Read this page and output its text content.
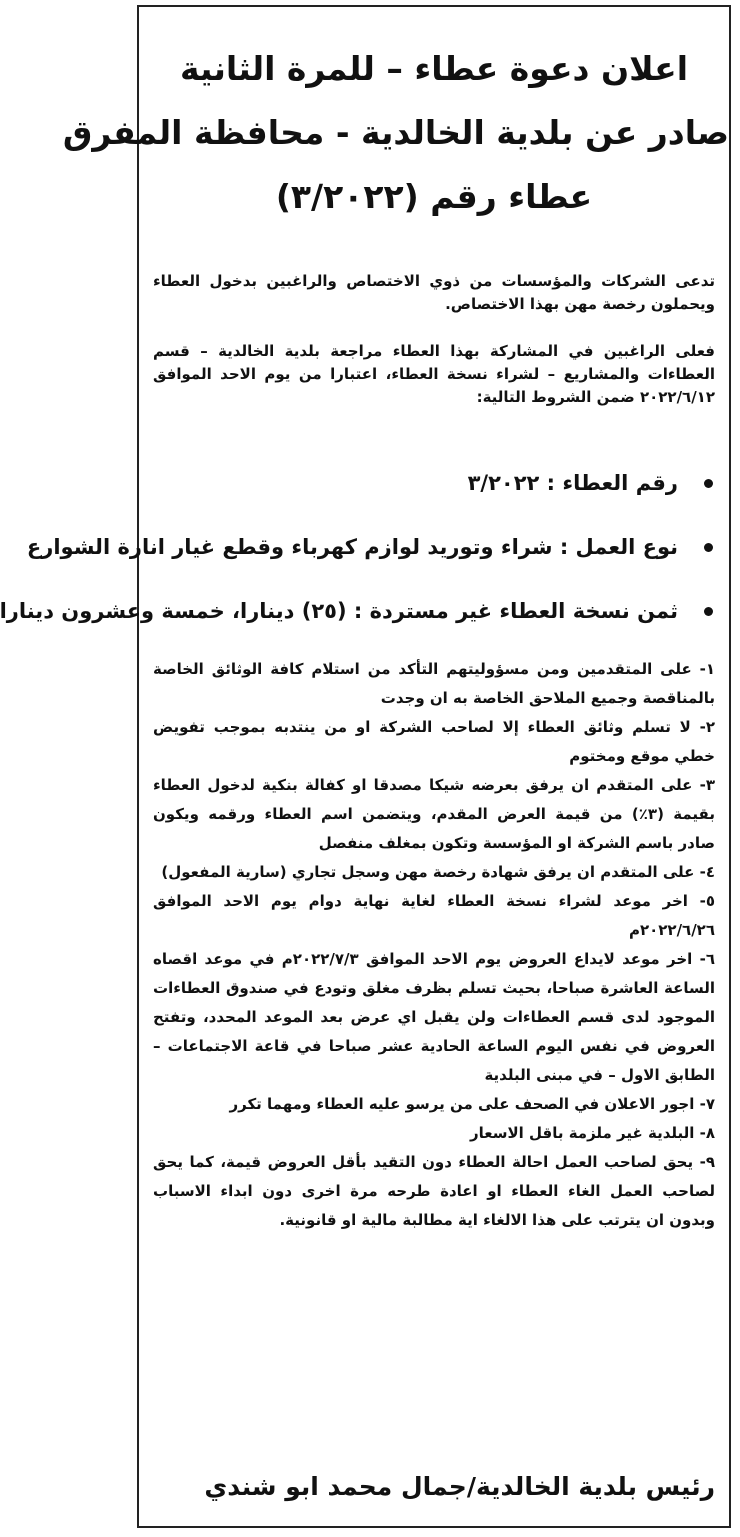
اعلان دعوة عطاء – للمرة الثانية
صادر عن بلدية الخالدية - محافظة المفرق
عطاء رقم (٣/٢٠٢٢)
تدعى الشركات والمؤسسات من ذوي الاختصاص والراغبين بدخول العطاء ويحملون رخصة مهن بهذا الاختصاص.
فعلى الراغبين في المشاركة بهذا العطاء مراجعة بلدية الخالدية – قسم العطاءات والمشاريع – لشراء نسخة العطاء، اعتبارا من يوم الاحد الموافق ٢٠٢٢/٦/١٢ ضمن الشروط التالية:
رقم العطاء : ٣/٢٠٢٢
نوع العمل : شراء وتوريد لوازم كهرباء وقطع غيار انارة الشوارع
ثمن نسخة العطاء غير مستردة : (٢٥) دينارا، خمسة وعشرون دينارا
١- على المتقدمين ومن مسؤوليتهم التأكد من استلام كافة الوثائق الخاصة بالمناقصة وجميع الملاحق الخاصة به ان وجدت
٢- لا تسلم وثائق العطاء إلا لصاحب الشركة او من ينتدبه بموجب تفويض خطي موقع ومختوم
٣- على المتقدم ان يرفق بعرضه شيكا مصدقا او كفالة بنكية لدخول العطاء بقيمة (٣٪) من قيمة العرض المقدم، ويتضمن اسم العطاء ورقمه ويكون صادر باسم الشركة او المؤسسة وتكون بمغلف منفصل
٤- على المتقدم ان يرفق شهادة رخصة مهن وسجل تجاري (سارية المفعول)
٥- اخر موعد لشراء نسخة العطاء لغاية نهاية دوام يوم الاحد الموافق ٢٠٢٢/٦/٢٦م
٦- اخر موعد لايداع العروض يوم الاحد الموافق ٢٠٢٢/٧/٣م في موعد اقصاه الساعة العاشرة صباحا، بحيث تسلم بظرف مغلق وتودع في صندوق العطاءات الموجود لدى قسم العطاءات ولن يقبل اي عرض بعد الموعد المحدد، وتفتح العروض في نفس اليوم الساعة الحادية عشر صباحا في قاعة الاجتماعات – الطابق الاول – في مبنى البلدية
٧- اجور الاعلان في الصحف على من يرسو عليه العطاء ومهما تكرر
٨- البلدية غير ملزمة باقل الاسعار
٩- يحق لصاحب العمل احالة العطاء دون التقيد بأقل العروض قيمة، كما يحق لصاحب العمل الغاء العطاء او اعادة طرحه مرة اخرى دون ابداء الاسباب وبدون ان يترتب على هذا الالغاء اية مطالبة مالية او قانونية.
رئيس بلدية الخالدية/جمال محمد ابو شندي
